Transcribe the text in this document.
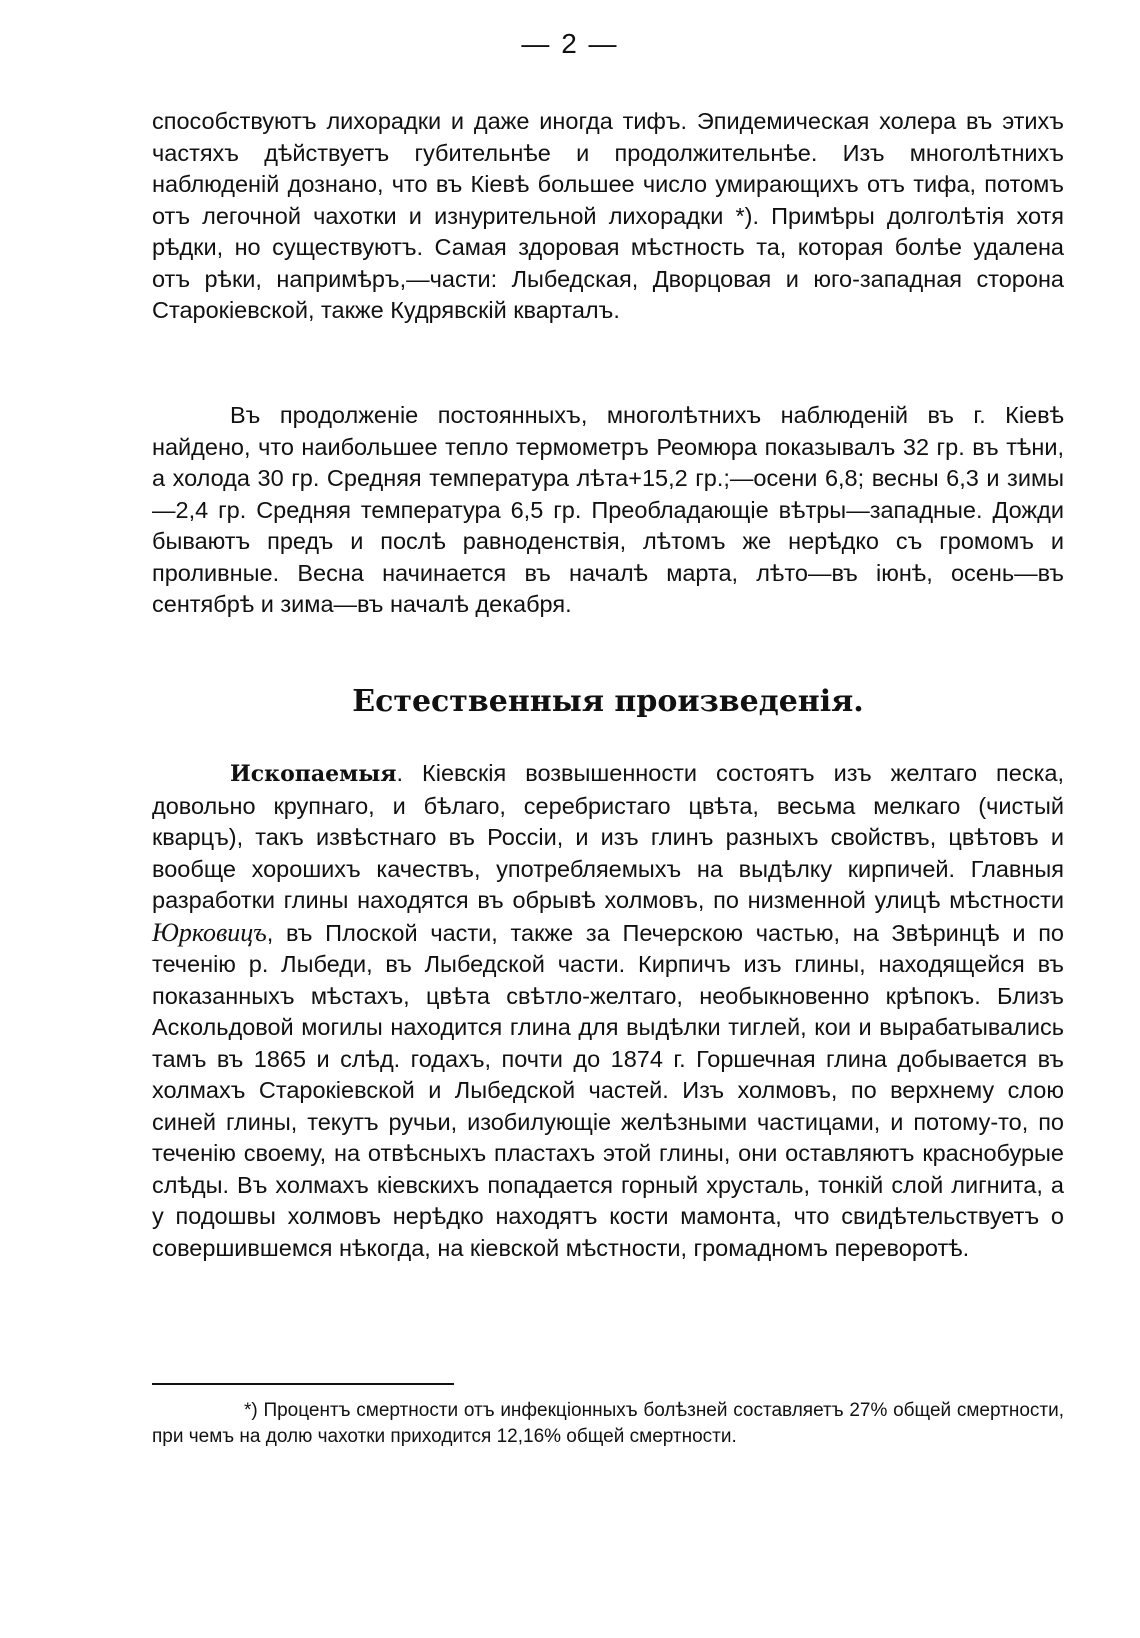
— 2 —

способствуютъ лихорадки и даже иногда тифъ. Эпидемическая холера въ этихъ частяхъ дѣйствуетъ губительнѣе и продолжительнѣе. Изъ многолѣтнихъ наблюденій дознано, что въ Кіевѣ большее число умирающихъ отъ тифа, потомъ отъ легочной чахотки и изнурительной лихорадки *). Примѣры долголѣтія хотя рѣдки, но существуютъ. Самая здоровая мѣстность та, которая болѣе удалена отъ рѣки, напримѣръ,—части: Лыбедская, Дворцовая и юго-западная сторона Старокіевской, также Кудрявскій кварталъ.

Въ продолженіе постоянныхъ, многолѣтнихъ наблюденій въ г. Кіевѣ найдено, что наибольшее тепло термометръ Реомюра показывалъ 32 гр. въ тѣни, а холода 30 гр. Средняя температура лѣта+15,2 гр.;—осени 6,8; весны 6,3 и зимы—2,4 гр. Средняя температура 6,5 гр. Преобладающіе вѣтры—западные. Дожди бываютъ предъ и послѣ равноденствія, лѣтомъ же нерѣдко съ громомъ и проливные. Весна начинается въ началѣ марта, лѣто—въ іюнѣ, осень—въ сентябрѣ и зима—въ началѣ декабря.

Естественныя произведенія.

Ископаемыя. Кіевскія возвышенности состоятъ изъ желтаго песка, довольно крупнаго, и бѣлаго, серебристаго цвѣта, весьма мелкаго (чистый кварцъ), такъ извѣстнаго въ Россіи, и изъ глинъ разныхъ свойствъ, цвѣтовъ и вообще хорошихъ качествъ, употребляемыхъ на выдѣлку кирпичей. Главныя разработки глины находятся въ обрывѣ холмовъ, по низменной улицѣ мѣстности Юрковицъ, въ Плоской части, также за Печерскою частью, на Звѣринцѣ и по теченію р. Лыбеди, въ Лыбедской части. Кирпичъ изъ глины, находящейся въ показанныхъ мѣстахъ, цвѣта свѣтло-желтаго, необыкновенно крѣпокъ. Близъ Аскольдовой могилы находится глина для выдѣлки тиглей, кои и вырабатывались тамъ въ 1865 и слѣд. годахъ, почти до 1874 г. Горшечная глина добывается въ холмахъ Старокіевской и Лыбедской частей. Изъ холмовъ, по верхнему слою синей глины, текутъ ручьи, изобилующіе желѣзными частицами, и потому-то, по теченію своему, на отвѣсныхъ пластахъ этой глины, они оставляютъ краснобурые слѣды. Въ холмахъ кіевскихъ попадается горный хрусталь, тонкій слой лигнита, а у подошвы холмовъ нерѣдко находятъ кости мамонта, что свидѣтельствуетъ о совершившемся нѣкогда, на кіевской мѣстности, громадномъ переворотѣ.

*) Процентъ смертности отъ инфекціонныхъ болѣзней составляетъ 27% общей смертности, при чемъ на долю чахотки приходится 12,16% общей смертности.
